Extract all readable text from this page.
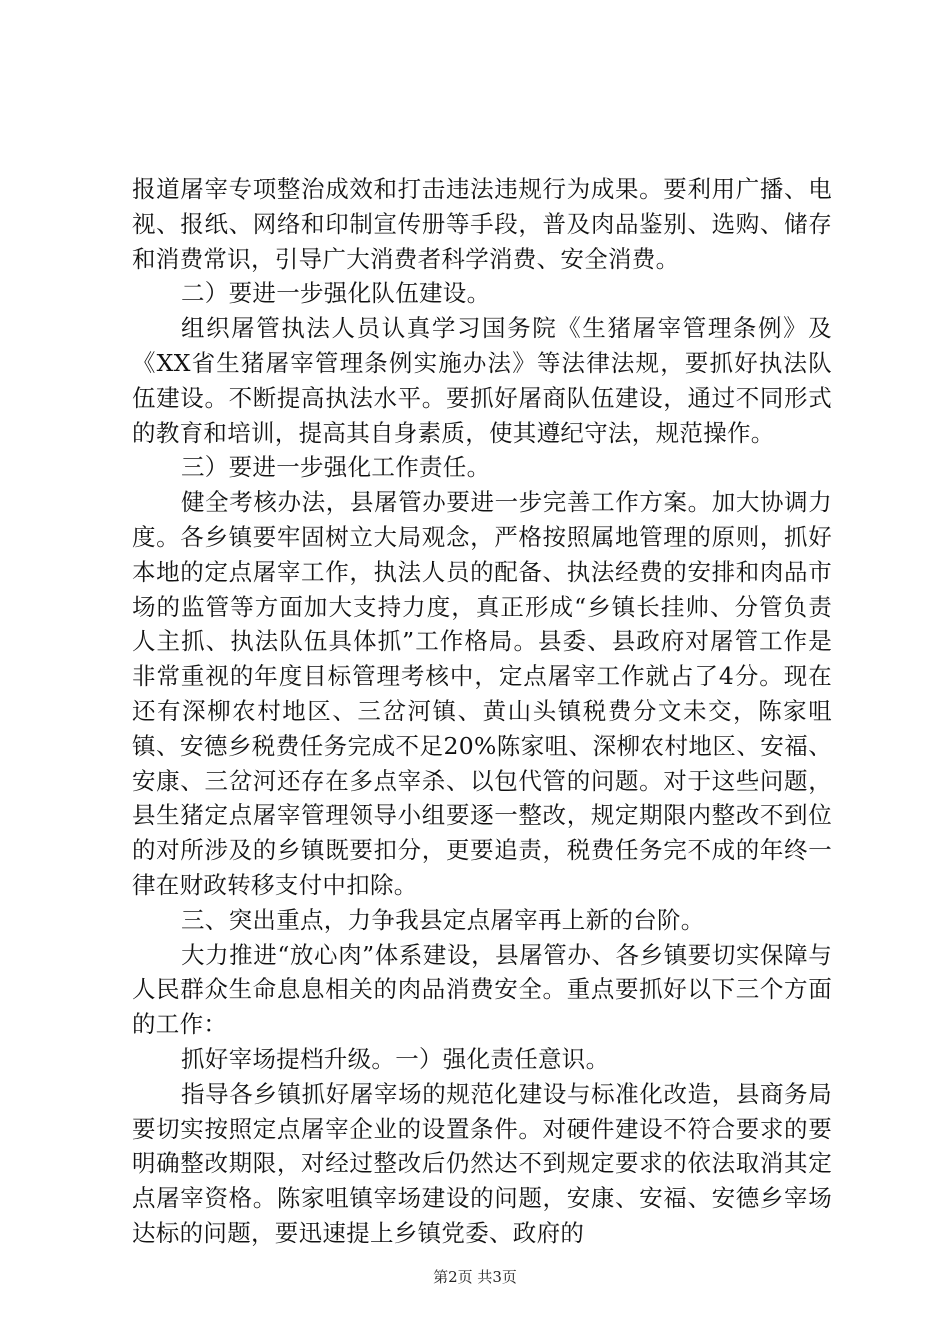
报道屠宰专项整治成效和打击违法违规行为成果。要利用广播、电视、报纸、网络和印制宣传册等手段，普及肉品鉴别、选购、储存和消费常识，引导广大消费者科学消费、安全消费。

二）要进一步强化队伍建设。

组织屠管执法人员认真学习国务院《生猪屠宰管理条例》及《XX省生猪屠宰管理条例实施办法》等法律法规，要抓好执法队伍建设。不断提高执法水平。要抓好屠商队伍建设，通过不同形式的教育和培训，提高其自身素质，使其遵纪守法，规范操作。

三）要进一步强化工作责任。

健全考核办法，县屠管办要进一步完善工作方案。加大协调力度。各乡镇要牢固树立大局观念，严格按照属地管理的原则，抓好本地的定点屠宰工作，执法人员的配备、执法经费的安排和肉品市场的监管等方面加大支持力度，真正形成“乡镇长挂帅、分管负责人主抓、执法队伍具体抓”工作格局。县委、县政府对屠管工作是非常重视的年度目标管理考核中，定点屠宰工作就占了4分。现在还有深柳农村地区、三岔河镇、黄山头镇税费分文未交，陈家咀镇、安德乡税费任务完成不足20%陈家咀、深柳农村地区、安福、安康、三岔河还存在多点宰杀、以包代管的问题。对于这些问题，县生猪定点屠宰管理领导小组要逐一整改，规定期限内整改不到位的对所涉及的乡镇既要扣分，更要追责，税费任务完不成的年终一律在财政转移支付中扣除。

三、突出重点，力争我县定点屠宰再上新的台阶。

大力推进“放心肉”体系建设，县屠管办、各乡镇要切实保障与人民群众生命息息相关的肉品消费安全。重点要抓好以下三个方面的工作：

抓好宰场提档升级。一）强化责任意识。

指导各乡镇抓好屠宰场的规范化建设与标准化改造，县商务局要切实按照定点屠宰企业的设置条件。对硬件建设不符合要求的要明确整改期限，对经过整改后仍然达不到规定要求的依法取消其定点屠宰资格。陈家咀镇宰场建设的问题，安康、安福、安德乡宰场达标的问题，要迅速提上乡镇党委、政府的

第2页 共3页
